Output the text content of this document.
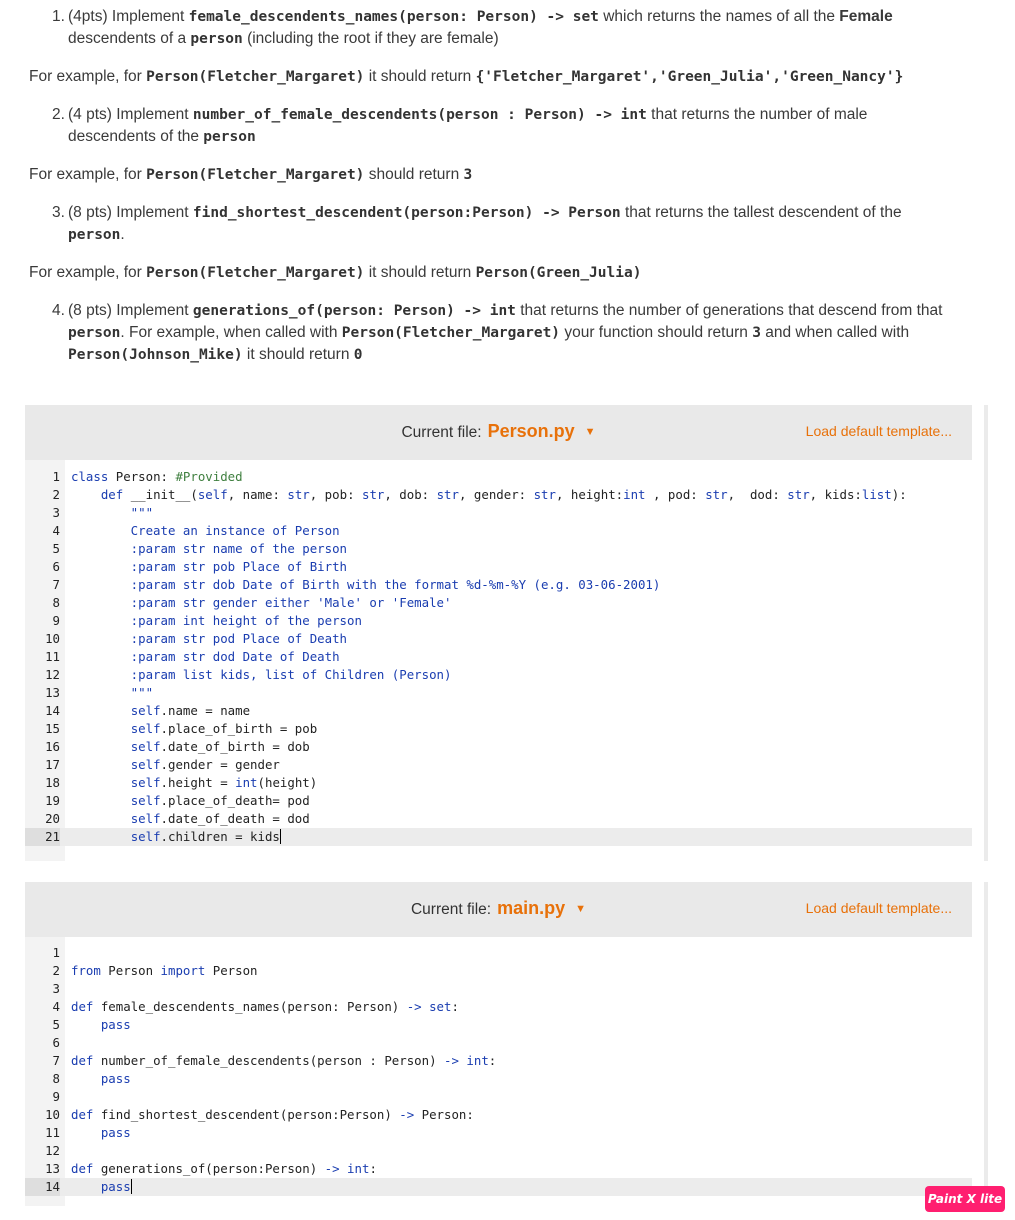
1. (4pts) Implement female_descendents_names(person: Person) -> set which returns the names of all the Female
descendents of a person (including the root if they are female)
For example, for Person(Fletcher_Margaret) it should return {'Fletcher_Margaret','Green_Julia','Green_Nancy'}
2. (4 pts) Implement number_of_female_descendents(person : Person) -> int that returns the number of male
descendents of the person
For example, for Person(Fletcher_Margaret) should return 3
3. (8 pts) Implement find_shortest_descendent(person:Person) -> Person that returns the tallest descendent of the
person.
For example, for Person(Fletcher_Margaret) it should return Person(Green_Julia)
4. (8 pts) Implement generations_of(person: Person) -> int that returns the number of generations that descend from that
person. For example, when called with Person(Fletcher_Margaret) your function should return 3 and when called with
Person(Johnson_Mike) it should return 0
Current file: Person.py ▼	Load default template...
1 class Person: #Provided
2	def __init__(self, name: str, pob: str, dob: str, gender: str, height:int , pod: str,  dod: str, kids:list):
3 """
4 Create an instance of Person
5 :param str name of the person
6 :param str pob Place of Birth
7 :param str dob Date of Birth with the format %d-%m-%Y (e.g. 03-06-2001)
8 :param str gender either 'Male' or 'Female'
9 :param int height of the person
10 :param str pod Place of Death
11 :param str dod Date of Death
12 :param list kids, list of Children (Person)
13 """
14	self.name = name
15	self.place_of_birth = pob
16	self.date_of_birth = dob
17	self.gender = gender
18	self.height = int(height)
19	self.place_of_death= pod
20	self.date_of_death = dod
21	self.children = kids
Current file: main.py ▼	Load default template...
1
2 from Person import Person
3
4 def female_descendents_names(person: Person) -> set:
5	pass
6
7 def number_of_female_descendents(person : Person) -> int:
8	pass
9
10 def find_shortest_descendent(person:Person) -> Person:
11	pass
12
13 def generations_of(person:Person) -> int:
14	pass
Paint X lite
